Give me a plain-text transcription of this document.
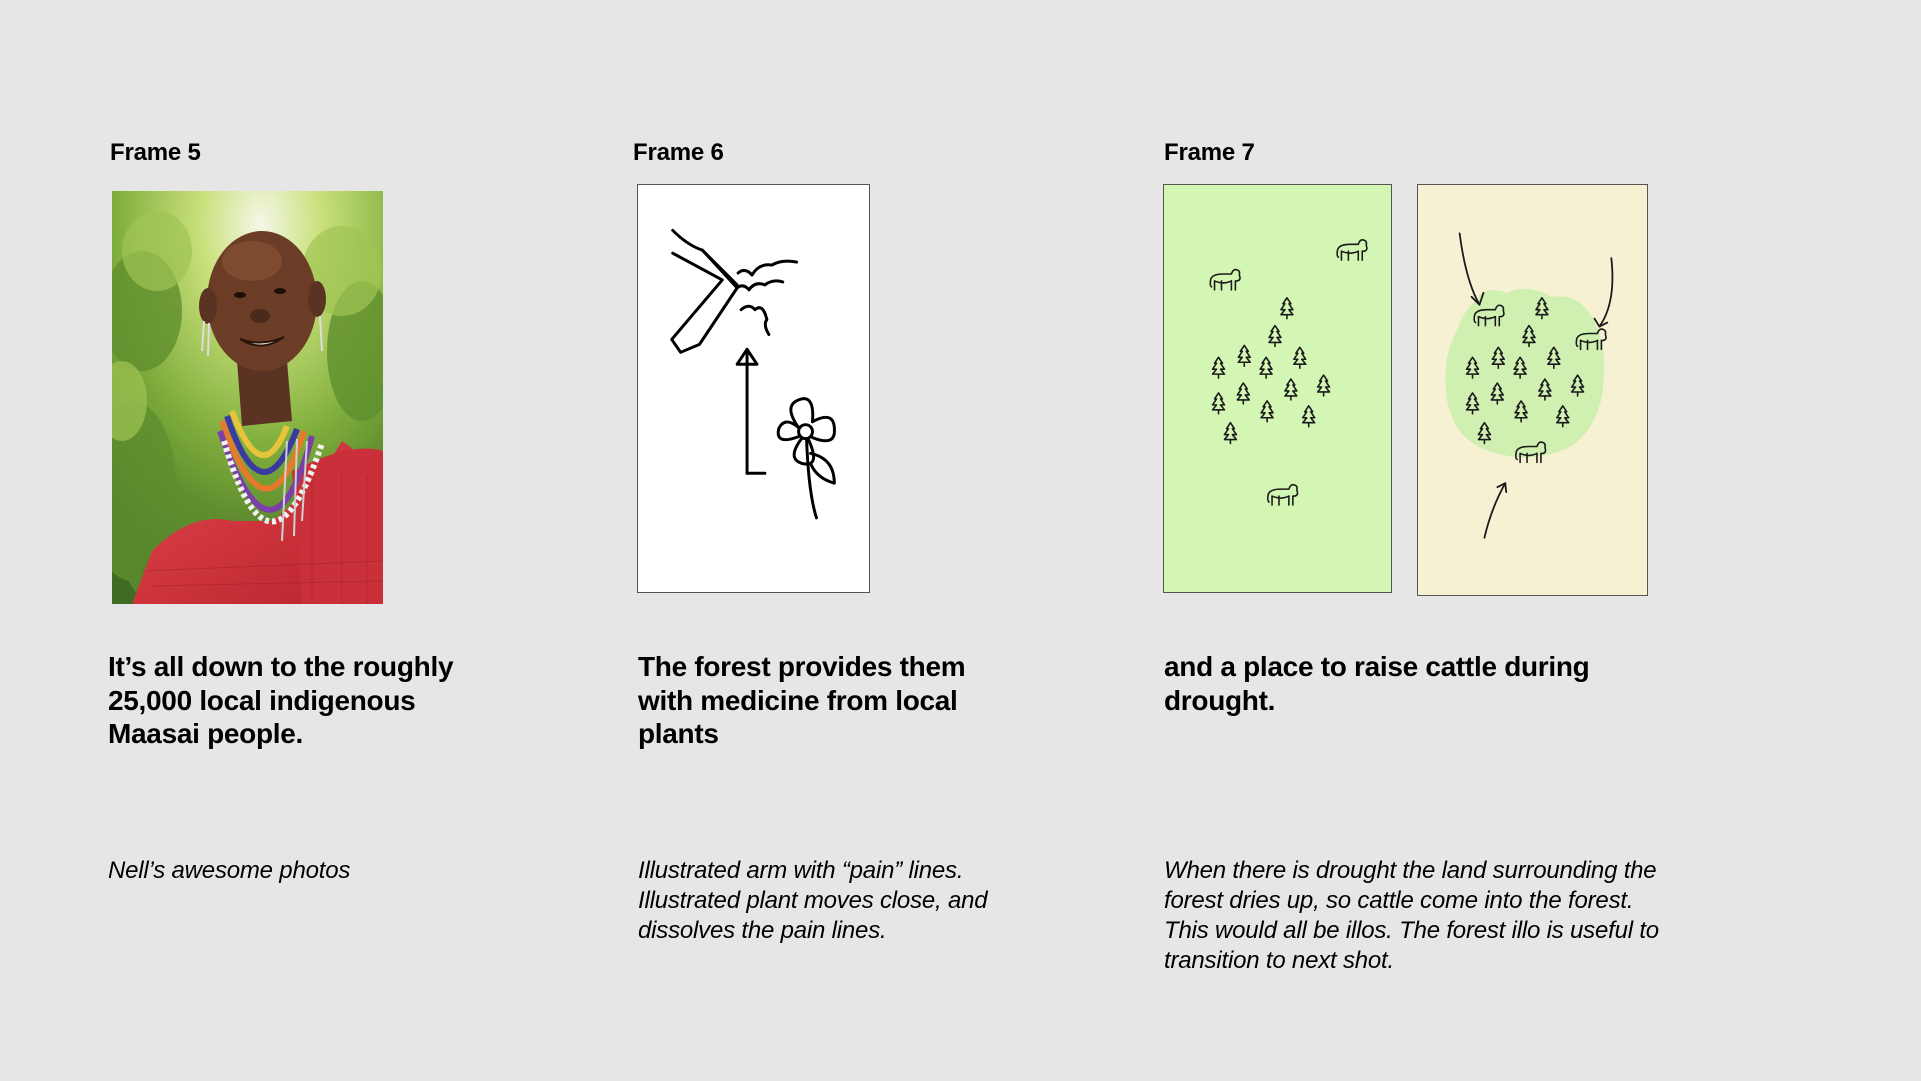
Frame 5
It’s all down to the roughly 25,000 local indigenous Maasai people.
Nell’s awesome photos
Frame 6
The forest provides them with medicine from local plants
Illustrated arm with “pain” lines. Illustrated plant moves close, and dissolves the pain lines.
Frame 7
and a place to raise cattle during drought.
When there is drought the land surrounding the forest dries up, so cattle come into the forest. This would all be illos. The forest illo is useful to transition to next shot.
